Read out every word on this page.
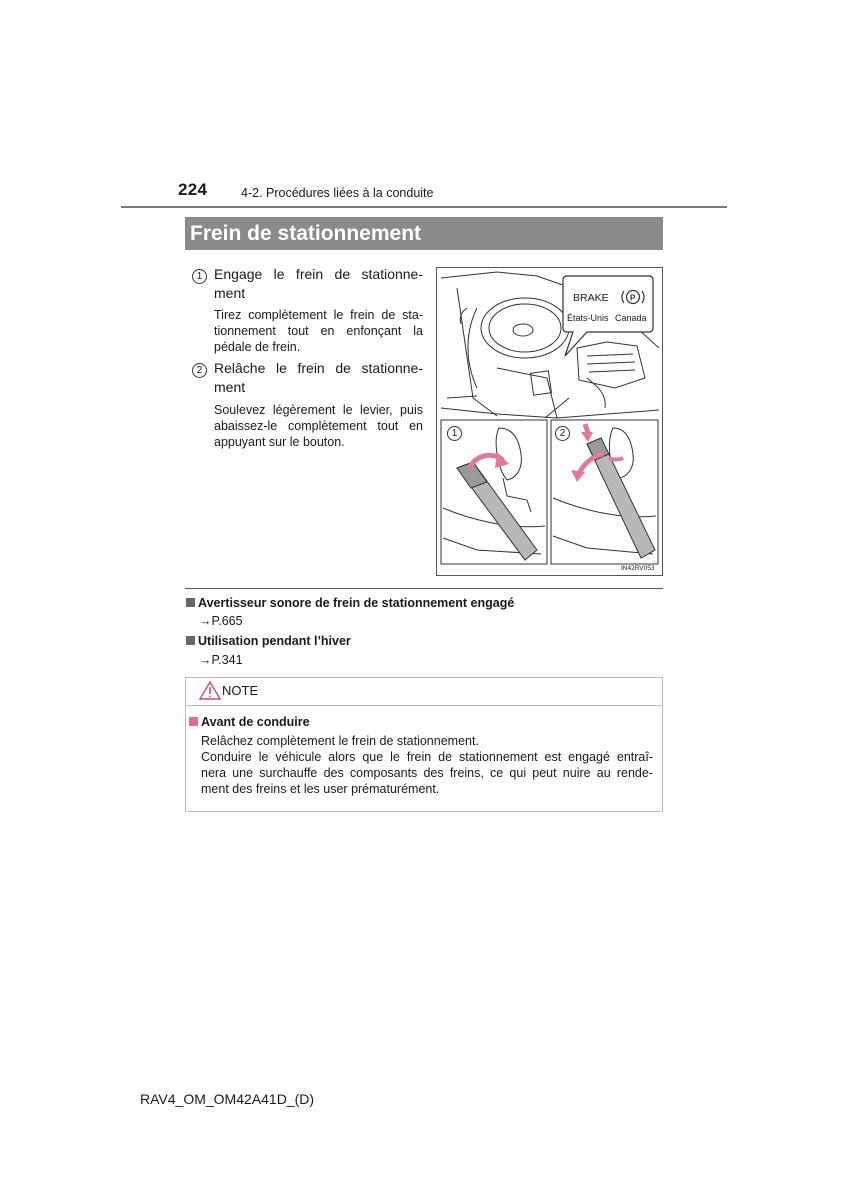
224	4-2. Procédures liées à la conduite
Frein de stationnement
1 Engage le frein de stationne-
ment
Tirez complètement le frein de sta-
tionnement tout en enfonçant la
pédale de frein.
2 Relâche le frein de stationne-
ment
Soulevez légèrement le levier, puis
abaissez-le complètement tout en
appuyant sur le bouton.
P
BRAKE
États-Unis Canada
1	2
IN42RV053
Avertisseur sonore de frein de stationnement engagé
→P.665
Utilisation pendant l’hiver
→P.341
NOTE
Avant de conduire
Relâchez complètement le frein de stationnement.
Conduire le véhicule alors que le frein de stationnement est engagé entraî-
nera une surchauffe des composants des freins, ce qui peut nuire au rende-
ment des freins et les user prématurément.
RAV4_OM_OM42A41D_(D)
